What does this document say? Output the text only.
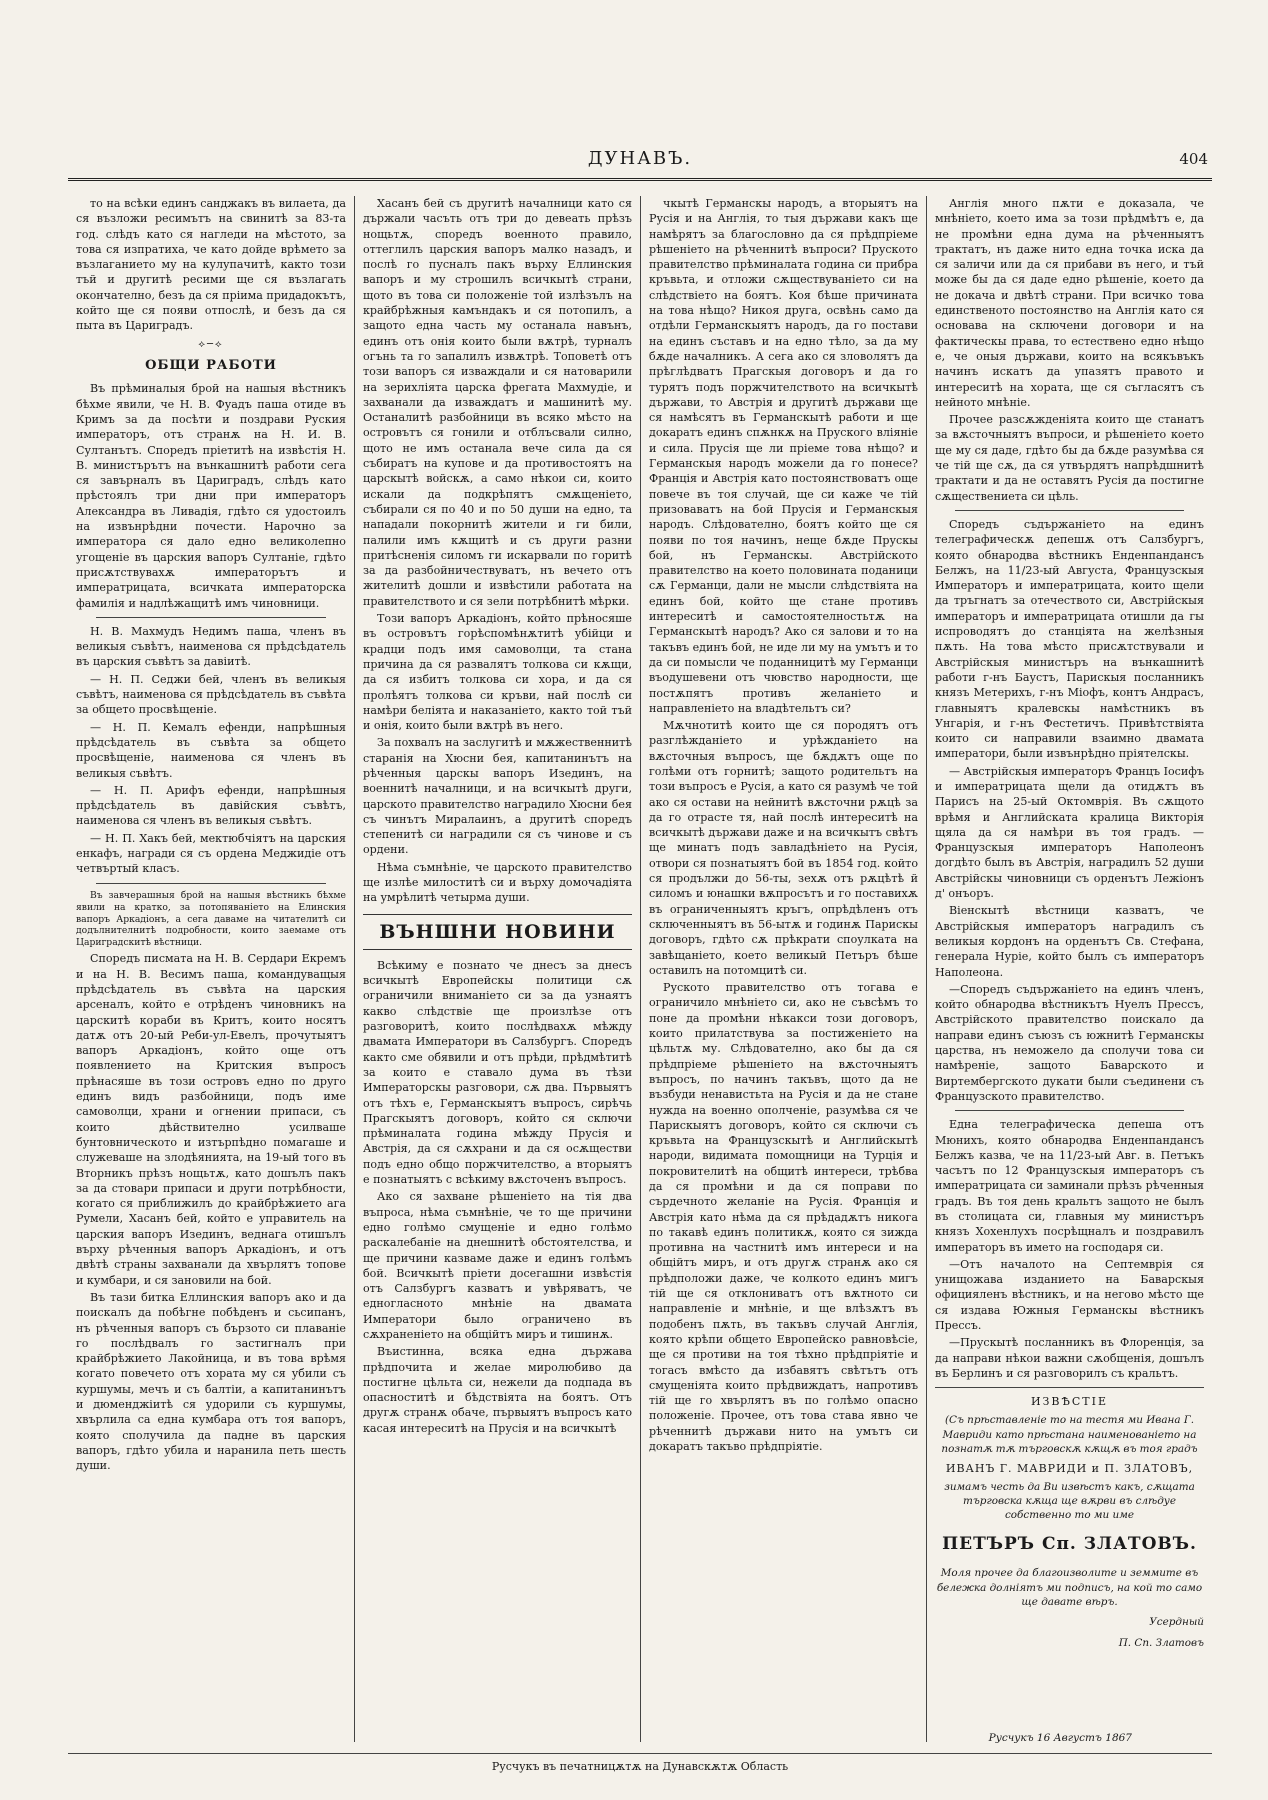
ДУНАВЪ.	404

то на всѣки единъ санджакъ въ вилаета, да ся възложи ресимътъ на свинитѣ за 83-та год. слѣдъ като ся нагледи на мѣстото, за това ся изпратиха, че като дойде врѣмето за възлаганието му на кулупачитѣ, както този тъй и другитѣ ресими ще ся възлагать окончателно, безъ да ся пріима придадокътъ, който ще ся появи отпослѣ, и безъ да ся пыта въ Цариградъ.

⟡─⟡
ОБЩИ РАБОТИ

Въ прѣминалыя брой на нашыя вѣстникъ бѣхме явили, че Н. В. Фуадъ паша отиде въ Кримъ за да посѣти и поздрави Руския императоръ, отъ странѫ на Н. И. В. Султанътъ. Споредъ пріетитѣ на извѣстія Н. В. министърътъ на вънкашнитѣ работи сега ся завърналъ въ Цариградъ, слѣдъ като прѣстоялъ три дни при императоръ Александра въ Ливадія, гдѣто ся удостоилъ на извънрѣдни почести. Нарочно за императора ся дало едно великолепно угощеніе въ царския вапоръ Султаніе, гдѣто присѫтствувахѫ императорътъ и императрицата, всичката императорска фамилія и надлѣжащитѣ имъ чиновници.

Н. В. Махмудъ Недимъ паша, членъ въ великыя съвѣтъ, наименова ся прѣдсѣдатель въ царския съвѣтъ за давіитѣ.

— Н. П. Седжи бей, членъ въ великыя съвѣтъ, наименова ся прѣдсѣдатель въ съвѣта за общето просвѣщеніе.

— Н. П. Кемалъ ефенди, напрѣшныя прѣдсѣдатель въ съвѣта за общето просвѣщеніе, наименова ся членъ въ великыя съвѣтъ.

— Н. П. Арифъ ефенди, напрѣшныя прѣдсѣдатель въ давійския съвѣтъ, наименова ся членъ въ великыя съвѣтъ.

— Н. П. Хакъ бей, мектюбчіятъ на царския енкафъ, награди ся съ ордена Меджидіе отъ четвъртый класъ.

Въ завчерашныя брой на нашыя вѣстникъ бѣхме явили на кратко, за потопяваніето на Елинския вапоръ Аркадіонъ, а сега даваме на читателитѣ си додълнителнитѣ подробности, които заемаме отъ Цариградскитѣ вѣстници.

Споредъ писмата на Н. В. Сердари Екремъ и на Н. В. Весимъ паша, командуващыя прѣдсѣдатель въ съвѣта на царския арсеналъ, който е отрѣденъ чиновникъ на царскитѣ кораби въ Критъ, които носятъ датѫ отъ 20-ый Реби-ул-Евелъ, прочутыятъ вапоръ Аркадіонъ, който още отъ появлението на Критския въпросъ прѣнасяше въ този островъ едно по друго единъ видъ разбойници, подъ име самоволци, храни и огнении припаси, съ които дѣйствително усилваше бунтовническото и изтърпѣдно помагаше и служеваше на злодѣянията, на 19-ый того въ Вторникъ прѣзъ нощьтѫ, като дошълъ пакъ за да стовари припаси и други потрѣбности, когато ся приближилъ до крайбрѣжието ага Румели, Хасанъ бей, който е управитель на царския вапоръ Изединъ, веднага отишълъ върху рѣченныя вапоръ Аркадіонъ, и отъ двѣтѣ страны захванали да хвърлятъ топове и кумбари, и ся зановили на бой.

Въ тази битка Еллинския вапоръ ако и да поискалъ да побѣгне побѣденъ и сьсипанъ, нъ рѣченныя вапоръ съ бързото си плаваніе го послѣдвалъ го застигналъ при крайбрѣжието Лакойница, и въ това врѣмя когато повечето отъ хората му ся убили съ куршумы, мечъ и съ балтіи, а капитанинътъ и дюменджіитѣ ся удорили съ куршумы, хвърлила са една кумбара отъ тоя вапоръ, която сполучила да падне въ царския вапоръ, гдѣто убила и наранила петь шесть души.

Хасанъ бей съ другитѣ началници като ся държали часъть отъ три до девеать прѣзъ нощьтѫ, споредъ военното правило, оттеглилъ царския вапоръ малко назадъ, и послѣ го пусналъ пакъ върху Еллинския вапоръ и му строшилъ всичкытѣ страни, щото въ това си положеніе той излѣзълъ на крайбрѣжныя камъндакъ и ся потопилъ, а защото една часть му останала навънъ, единъ отъ онія които были вѫтрѣ, турналъ огънь та го запалилъ извѫтрѣ. Топоветѣ отъ този вапоръ ся изваждали и ся натоварили на зерихліята царска фрегата Махмудіе, и захванали да изваждатъ и машинитѣ му. Останалитѣ разбойници въ всяко мѣсто на островътъ ся гонили и отблъсвали силно, щото не имъ останала вече сила да ся събиратъ на купове и да противостоятъ на царскытѣ войскѫ, а само нѣкои си, които искали да подкрѣпятъ смѫщеніето, събирали ся по 40 и по 50 души на едно, та нападали покорнитѣ жители и ги били, палили имъ кѫщитѣ и съ други разни притѣсненія силомъ ги искарвали по горитѣ за да разбойничествуватъ, нъ вечето отъ жителитѣ дошли и извѣстили работата на правителството и ся зели потрѣбнитѣ мѣрки.

Този вапоръ Аркадіонъ, който прѣносяше въ островътъ горѣспомѣнѫтитѣ убійци и крадци подъ имя самоволци, та стана причина да ся развалятъ толкова си кѫщи, да ся избитъ толкова си хора, и да ся пролѣятъ толкова си кръви, най послѣ си намѣри беліята и наказаніето, както той тъй и онія, които были вѫтрѣ въ него.

За похвалъ на заслугитѣ и мѫжественнитѣ старанія на Хюсни бея, капитанинътъ на рѣченныя царскы вапоръ Изединъ, на военнитѣ началници, и на всичкытѣ други, царското правителство наградило Хюсни бея съ чинътъ Миралаинъ, а другитѣ споредъ степенитѣ си наградили ся съ чинове и съ ордени.

Нѣма съмнѣніе, че царското правителство ще излѣе милоститѣ си и върху домочадіята на умрѣлитѣ четырма души.

ВЪНШНИ НОВИНИ

Всѣкиму е познато че днесъ за днесъ всичкытѣ Европейскы политици сѫ ограничили вниманіето си за да узнаятъ какво слѣдствіе ще произлѣзе отъ разговоритѣ, които послѣдвахѫ мѣжду двамата Императори въ Салзбургъ. Споредъ както сме обявили и отъ прѣди, прѣдмѣтитѣ за които е ставало дума въ тѣзи Императорскы разговори, сѫ два. Първыятъ отъ тѣхъ е, Германскыятъ въпросъ, сирѣчь Прагскыятъ договоръ, който ся сключи прѣминалата година мѣжду Прусія и Австрія, да ся сѫхрани и да ся осѫществи подъ едно общо поржчителство, а вторыятъ е познатыятъ с всѣкиму вѫсточенъ въпросъ.

Ако ся захване рѣшеніето на тія два въпроса, нѣма съмнѣніе, че то ще причини едно голѣмо смущеніе и едно голѣмо раскалебаніе на днешнитѣ обстоятелства, и ще причини казваме даже и единъ голѣмъ бой. Всичкытѣ пріети досегашни извѣстія отъ Салзбургъ казватъ и увѣряватъ, че едногласното мнѣніе на двамата Императори было ограничено въ сѫхраненіето на общійтъ миръ и тишинѫ.

Въистинна, всяка една държава прѣдпочита и желае миролюбиво да постигне цѣльта си, нежели да подпада въ опасноститѣ и бѣдствіята на боятъ. Отъ другѫ странѫ обаче, първыятъ въпросъ като касая интереситѣ на Прусія и на всичкытѣ

чкытѣ Германскы народъ, а вторыятъ на Русія и на Англія, то тыя държави какъ ще намѣрятъ за благословно да ся прѣдпріеме рѣшеніето на рѣченнитѣ въпроси? Пруското правителство прѣминалата година си прибра кръвьта, и отложи сѫществуваніето си на слѣдствіето на боятъ. Коя бѣше причината на това нѣщо? Никоя друга, освѣнь само да отдѣли Германскыятъ народъ, да го постави на единъ съставъ и на едно тѣло, за да му бѫде началникъ. А сега ако ся зловолятъ да прѣглѣдватъ Прагскыя договоръ и да го турятъ подъ поржчителството на всичкытѣ държави, то Австрія и другитѣ държави ще ся намѣсятъ въ Германскытѣ работи и ще докаратъ единъ спѫнкѫ на Пруского вліяніе и сила. Прусія ще ли пріеме това нѣщо? и Германскыя народъ можели да го понесе? Франція и Австрія като постоянствоватъ още повече въ тоя случай, ще си каже че тій призоваватъ на бой Прусія и Германскыя народъ. Слѣдователно, боятъ който ще ся появи по тоя начинъ, неще бѫде Прускы бой, нъ Германскы. Австрійското правителство на което половината поданици сѫ Германци, дали не мысли слѣдствіята на единъ бой, който ще стане противъ интереситѣ и самостоятелностьтѫ на Германскытѣ народъ? Ако ся залови и то на такъвъ единъ бой, не иде ли му на умътъ и то да си помысли че поданницитѣ му Германци въодушевени отъ чювство народности, ще постѫпятъ противъ желаніето и направленіето на владѣтельтъ си?

Мѫчнотитѣ които ще ся породятъ отъ разглѣжданіето и урѣжданіето на вѫсточныя въпросъ, ще бѫдѫтъ още по голѣми отъ горнитѣ; защото родительтъ на този въпросъ е Русія, а като ся разумѣ че той ако ся остави на нейнитѣ вѫсточни рѫцѣ за да го отрасте тя, най послѣ интереситѣ на всичкытѣ държави даже и на всичкытъ свѣтъ ще минатъ подъ завладѣніето на Русія, отвори ся познатыятъ бой въ 1854 год. който ся продължи до 56-ты, зехѫ отъ рѫцѣтѣ й силомъ и юнашки вѫпросътъ и го поставихѫ въ ограниченныятъ кръгъ, опрѣдѣленъ отъ сключенныятъ въ 56-ытѫ и годинѫ Парискы договоръ, гдѣто сѫ прѣкрати споулката на завѣщаніето, което великый Петъръ бѣше оставилъ на потомцитѣ си.

Руското правителство отъ тогава е ограничило мнѣніето си, ако не съвсѣмъ то поне да промѣни нѣкакси този договоръ, които прилатствува за постиженіето на цѣльтѫ му. Слѣдователно, ако бы да ся прѣдпріеме рѣшеніето на вѫсточныятъ въпросъ, по начинъ такъвъ, щото да не възбуди ненавистьта на Русія и да не стане нужда на военно ополченіе, разумѣва ся че Парискыятъ договоръ, който ся сключи съ кръвьта на Французскытѣ и Английскытѣ народи, видимата помощници на Турція и покровителитѣ на общитѣ интереси, трѣбва да ся промѣни и да ся поправи по сърдечното желаніе на Русія. Франція и Австрія като нѣма да ся прѣдадѫтъ никога по такавѣ единъ политикѫ, която ся зижда противна на частнитѣ имъ интереси и на общійтъ миръ, и отъ другѫ странѫ ако ся прѣдположи даже, че колкото единъ мигъ тій ще ся отклониватъ отъ вѫтното си направленіе и мнѣніе, и ще влѣзѫтъ въ подобенъ пѫть, въ такъвъ случай Англія, която крѣпи общето Европейско равновѣсіе, ще ся противи на тоя тѣхно прѣдпріятіе и тогасъ вмѣсто да избавятъ свѣтътъ отъ смущеніята които прѣдвиждатъ, напротивъ тій ще го хвърлятъ въ по голѣмо опасно положеніе. Прочее, отъ това става явно че рѣченнитѣ държави нито на умътъ си докаратъ такъво прѣдпріятіе.

Англія много пѫти е доказала, че мнѣніето, което има за този прѣдмѣтъ е, да не промѣни една дума на рѣченныятъ трактатъ, нъ даже нито една точка иска да ся заличи или да ся прибави въ него, и тъй може бы да ся даде едно рѣшеніе, което да не докача и двѣтѣ страни. При всичко това единственото постоянство на Англія като ся основава на сключени договори и на фактическы права, то естествено едно нѣщо е, че оныя държави, които на всякъвъкъ начинъ искатъ да упазятъ правото и интереситѣ на хората, ще ся съгласятъ съ нейното мнѣніе.

Прочее разсѫжденіята които ще станатъ за вѫсточныятъ въпроси, и рѣшеніето което ще му ся даде, гдѣто бы да бѫде разумѣва ся че тій ще сѫ, да ся утвърдятъ напрѣдшнитѣ трактати и да не оставятъ Русія да постигне сѫществениета си цѣль.

Споредъ съдържаніето на единъ телеграфическѫ депешѫ отъ Салзбургъ, която обнародва вѣстникъ Енденпандансъ Белжъ, на 11/23-ый Августа, Французскыя Императоръ и императрицата, които щели да тръгнатъ за отечеството си, Австрійскыя императоръ и императрицата отишли да гы испроводятъ до станціята на желѣзныя пѫть. На това мѣсто присѫтствували и Австрійскыя министъръ на вънкашнитѣ работи г-нъ Баустъ, Парискыя посланникъ князъ Метерихъ, г-нъ Міофъ, контъ Андрасъ, главныятъ кралевскы намѣстникъ въ Унгарія, и г-нъ Фестетичъ. Привѣтствіята които си направили взаимно двамата императори, были извънрѣдно пріятелскы.

— Австрійскыя императоръ Францъ Іосифъ и императрицата щели да отидѫтъ въ Парисъ на 25-ый Октомврія. Въ сѫщото врѣмя и Английската кралица Викторія щяла да ся намѣри въ тоя градъ. —Французскыя императоръ Наполеонъ догдѣто былъ въ Австрія, наградилъ 52 души Австрійскы чиновници съ орденътъ Лежіонъ д' онъоръ.

Віенскытѣ вѣстници казватъ, че Австрійскыя императоръ наградилъ съ великыя кордонъ на орденътъ Св. Стефана, генерала Нуріе, който былъ съ императоръ Наполеона.

—Споредъ съдържаніето на единъ членъ, който обнародва вѣстникътъ Нуелъ Прессъ, Австрійското правителство поискало да направи единъ съюзъ съ южнитѣ Германскы царства, нъ неможело да сполучи това си намѣреніе, защото Баварското и Виртембергското дукати были съединени съ Французското правителство.

Една телеграфическа депеша отъ Мюнихъ, която обнародва Енденпандансъ Белжъ казва, че на 11/23-ый Авг. в. Петъкъ часътъ по 12 Французскыя императоръ съ императрицата си заминали прѣзъ рѣченныя градъ. Въ тоя день кральтъ защото не былъ въ столицата си, главныя му министъръ князъ Хохенлухъ посрѣщналъ и поздравилъ императоръ въ името на господаря си.

—Отъ началото на Септемврія ся унищожава изданието на Баварскыя официяленъ вѣстникъ, и на негово мѣсто ще ся издава Южныя Германскы вѣстникъ Прессъ.

—Прускытѣ посланникъ въ Флоренція, за да направи нѣкои важни сѫобщенія, дошълъ въ Берлинъ и ся разговорилъ съ кральтъ.

ИЗВѢСТІЕ

(Съ прѣставленіе то на тестя ми Ивана Г. Мавриди като прѣстана наименованіето на познатѫ тѫ търговскѫ кѫщѫ въ тоя градъ

ИВАНЪ Г. МАВРИДИ и П. ЗЛАТОВЪ,

зимамъ честь да Ви извѣстъ какъ, сѫщата търговска кѫща ще вѫрви въ слѣдуе собственно то ми име

ПЕТЪРЪ Сп. ЗЛАТОВЪ.

Моля прочее да благоизволите и земмите въ бележка долніятъ ми подписъ, на кой то само ще давате вѣръ.

Усердный
П. Сп. Златовъ
Русчукъ 16 Августъ 1867
Русчукъ въ печатницѫтѫ на Дунавскѫтѫ Область
